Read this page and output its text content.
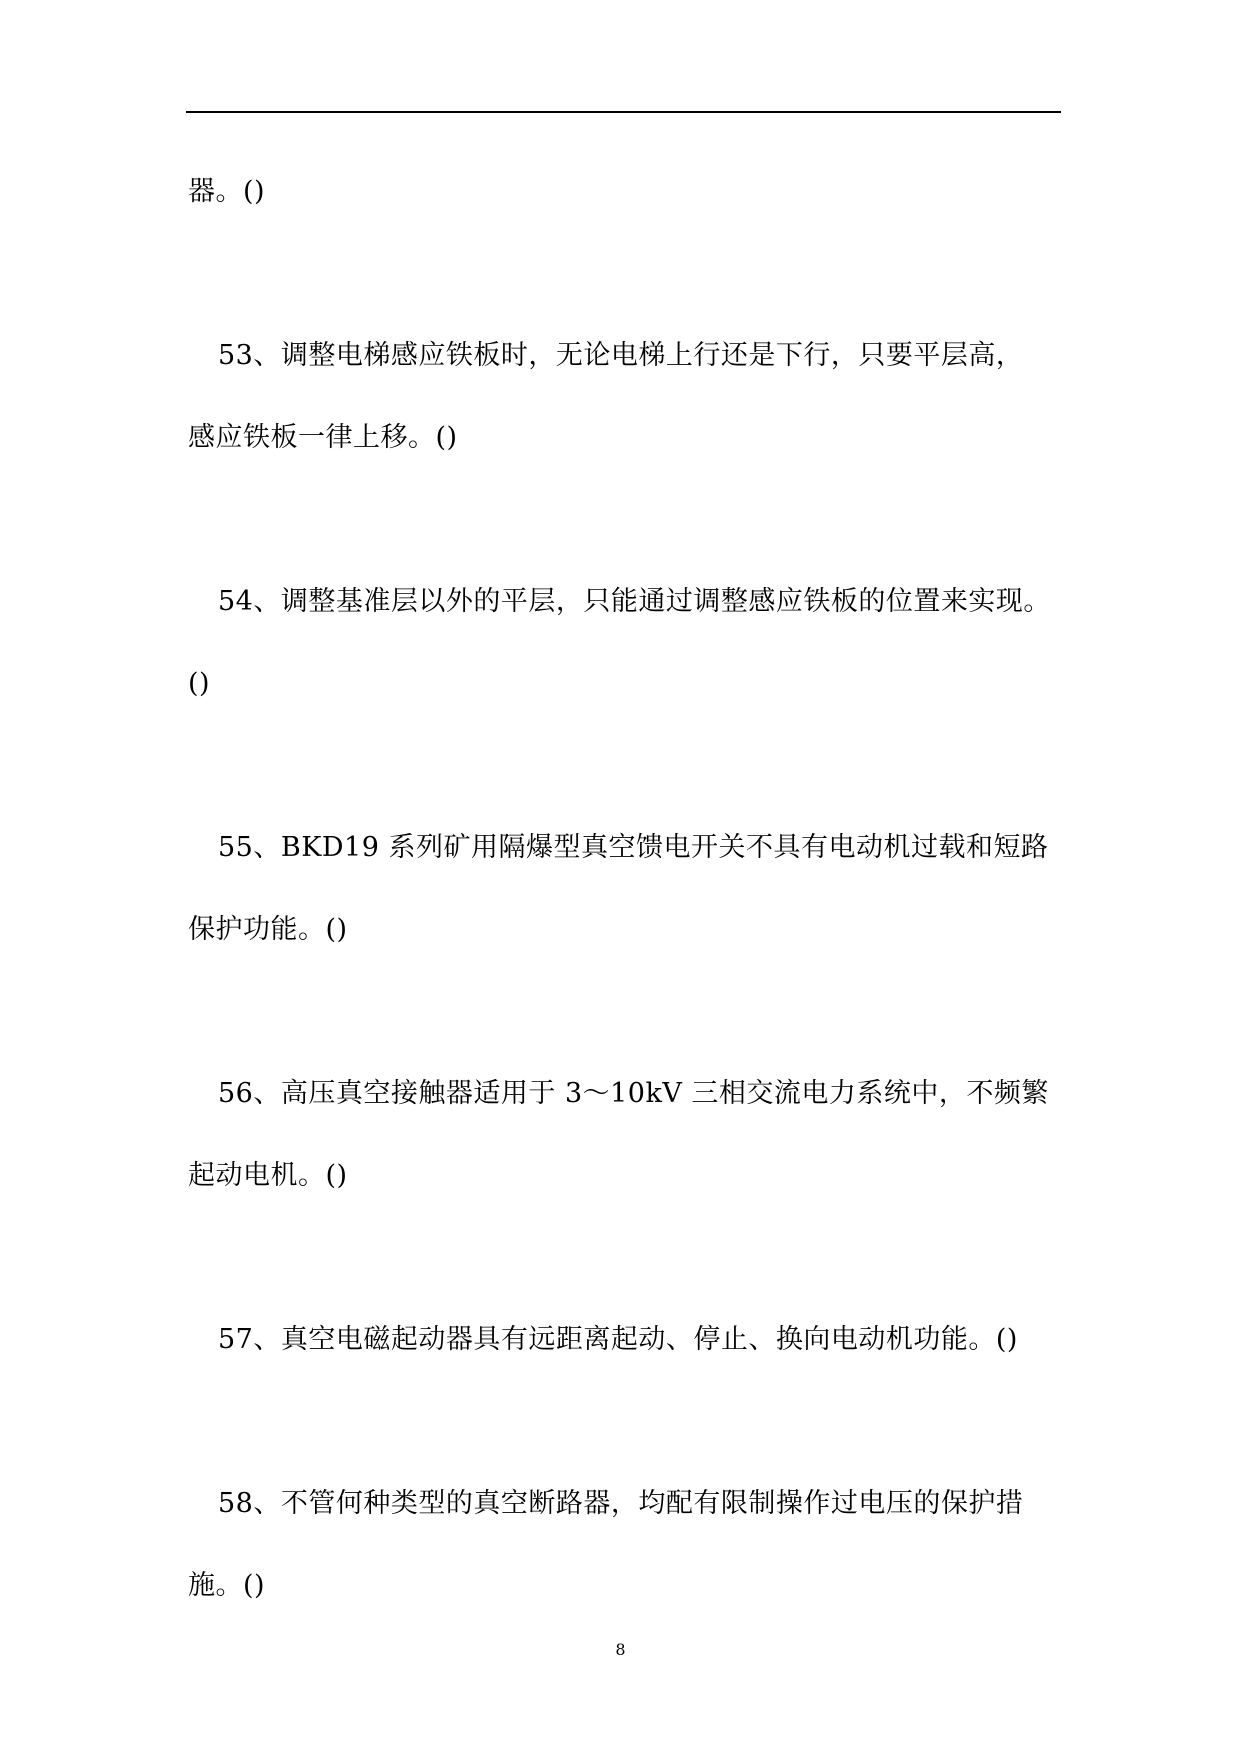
器。()
53、调整电梯感应铁板时，无论电梯上行还是下行，只要平层高，
感应铁板一律上移。()
54、调整基准层以外的平层，只能通过调整感应铁板的位置来实现。
()
55、BKD19 系列矿用隔爆型真空馈电开关不具有电动机过载和短路
保护功能。()
56、高压真空接触器适用于 3～10kV 三相交流电力系统中，不频繁
起动电机。()
57、真空电磁起动器具有远距离起动、停止、换向电动机功能。()
58、不管何种类型的真空断路器，均配有限制操作过电压的保护措
施。()
8
